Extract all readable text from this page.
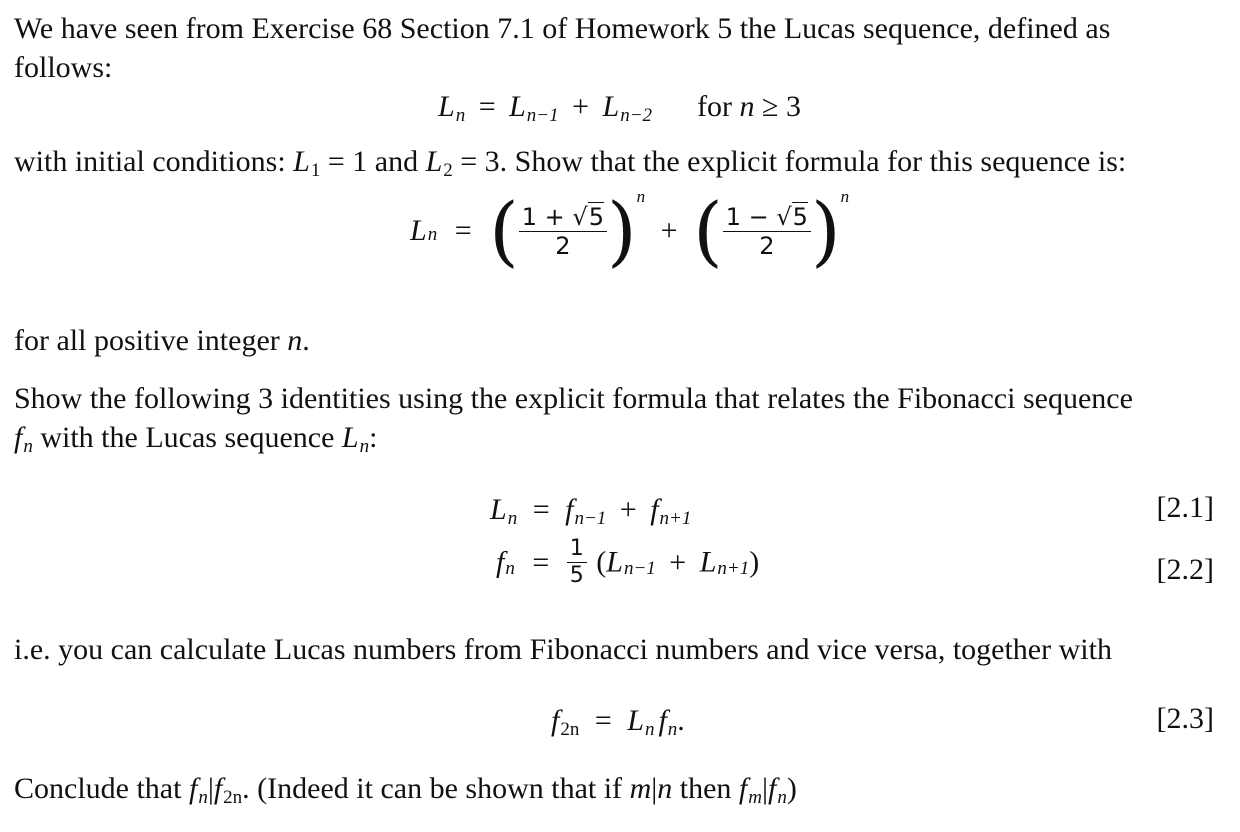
We have seen from Exercise 68 Section 7.1 of Homework 5 the Lucas sequence, defined as
follows:
$L_n = L_{n-1} + L_{n-2}$ for n ≥ 3
with initial conditions: L1 = 1 and L2 = 3. Show that the explicit formula for this sequence is:
Ln = ( $\frac{1 + √5}{2} )^n$ + ( $\frac{1 - √5}{2} )^n$
for all positive integer n.
Show the following 3 identities using the explicit formula that relates the Fibonacci sequence
$f_n$ with the Lucas sequence $L_n$:
$L_n = f_{n-1} + f_{n+1}$	[2.1]
$f_n = \frac{1}{5} (L_{n-1} + L_{n+1})$	[2.2]
i.e. you can calculate Lucas numbers from Fibonacci numbers and vice versa, together with
$f2n = L_n$ $f_n$.	[2.3]
Conclude that $f_n|f2n$. (Indeed it can be shown that if m|n then $f_m|f_n$)
